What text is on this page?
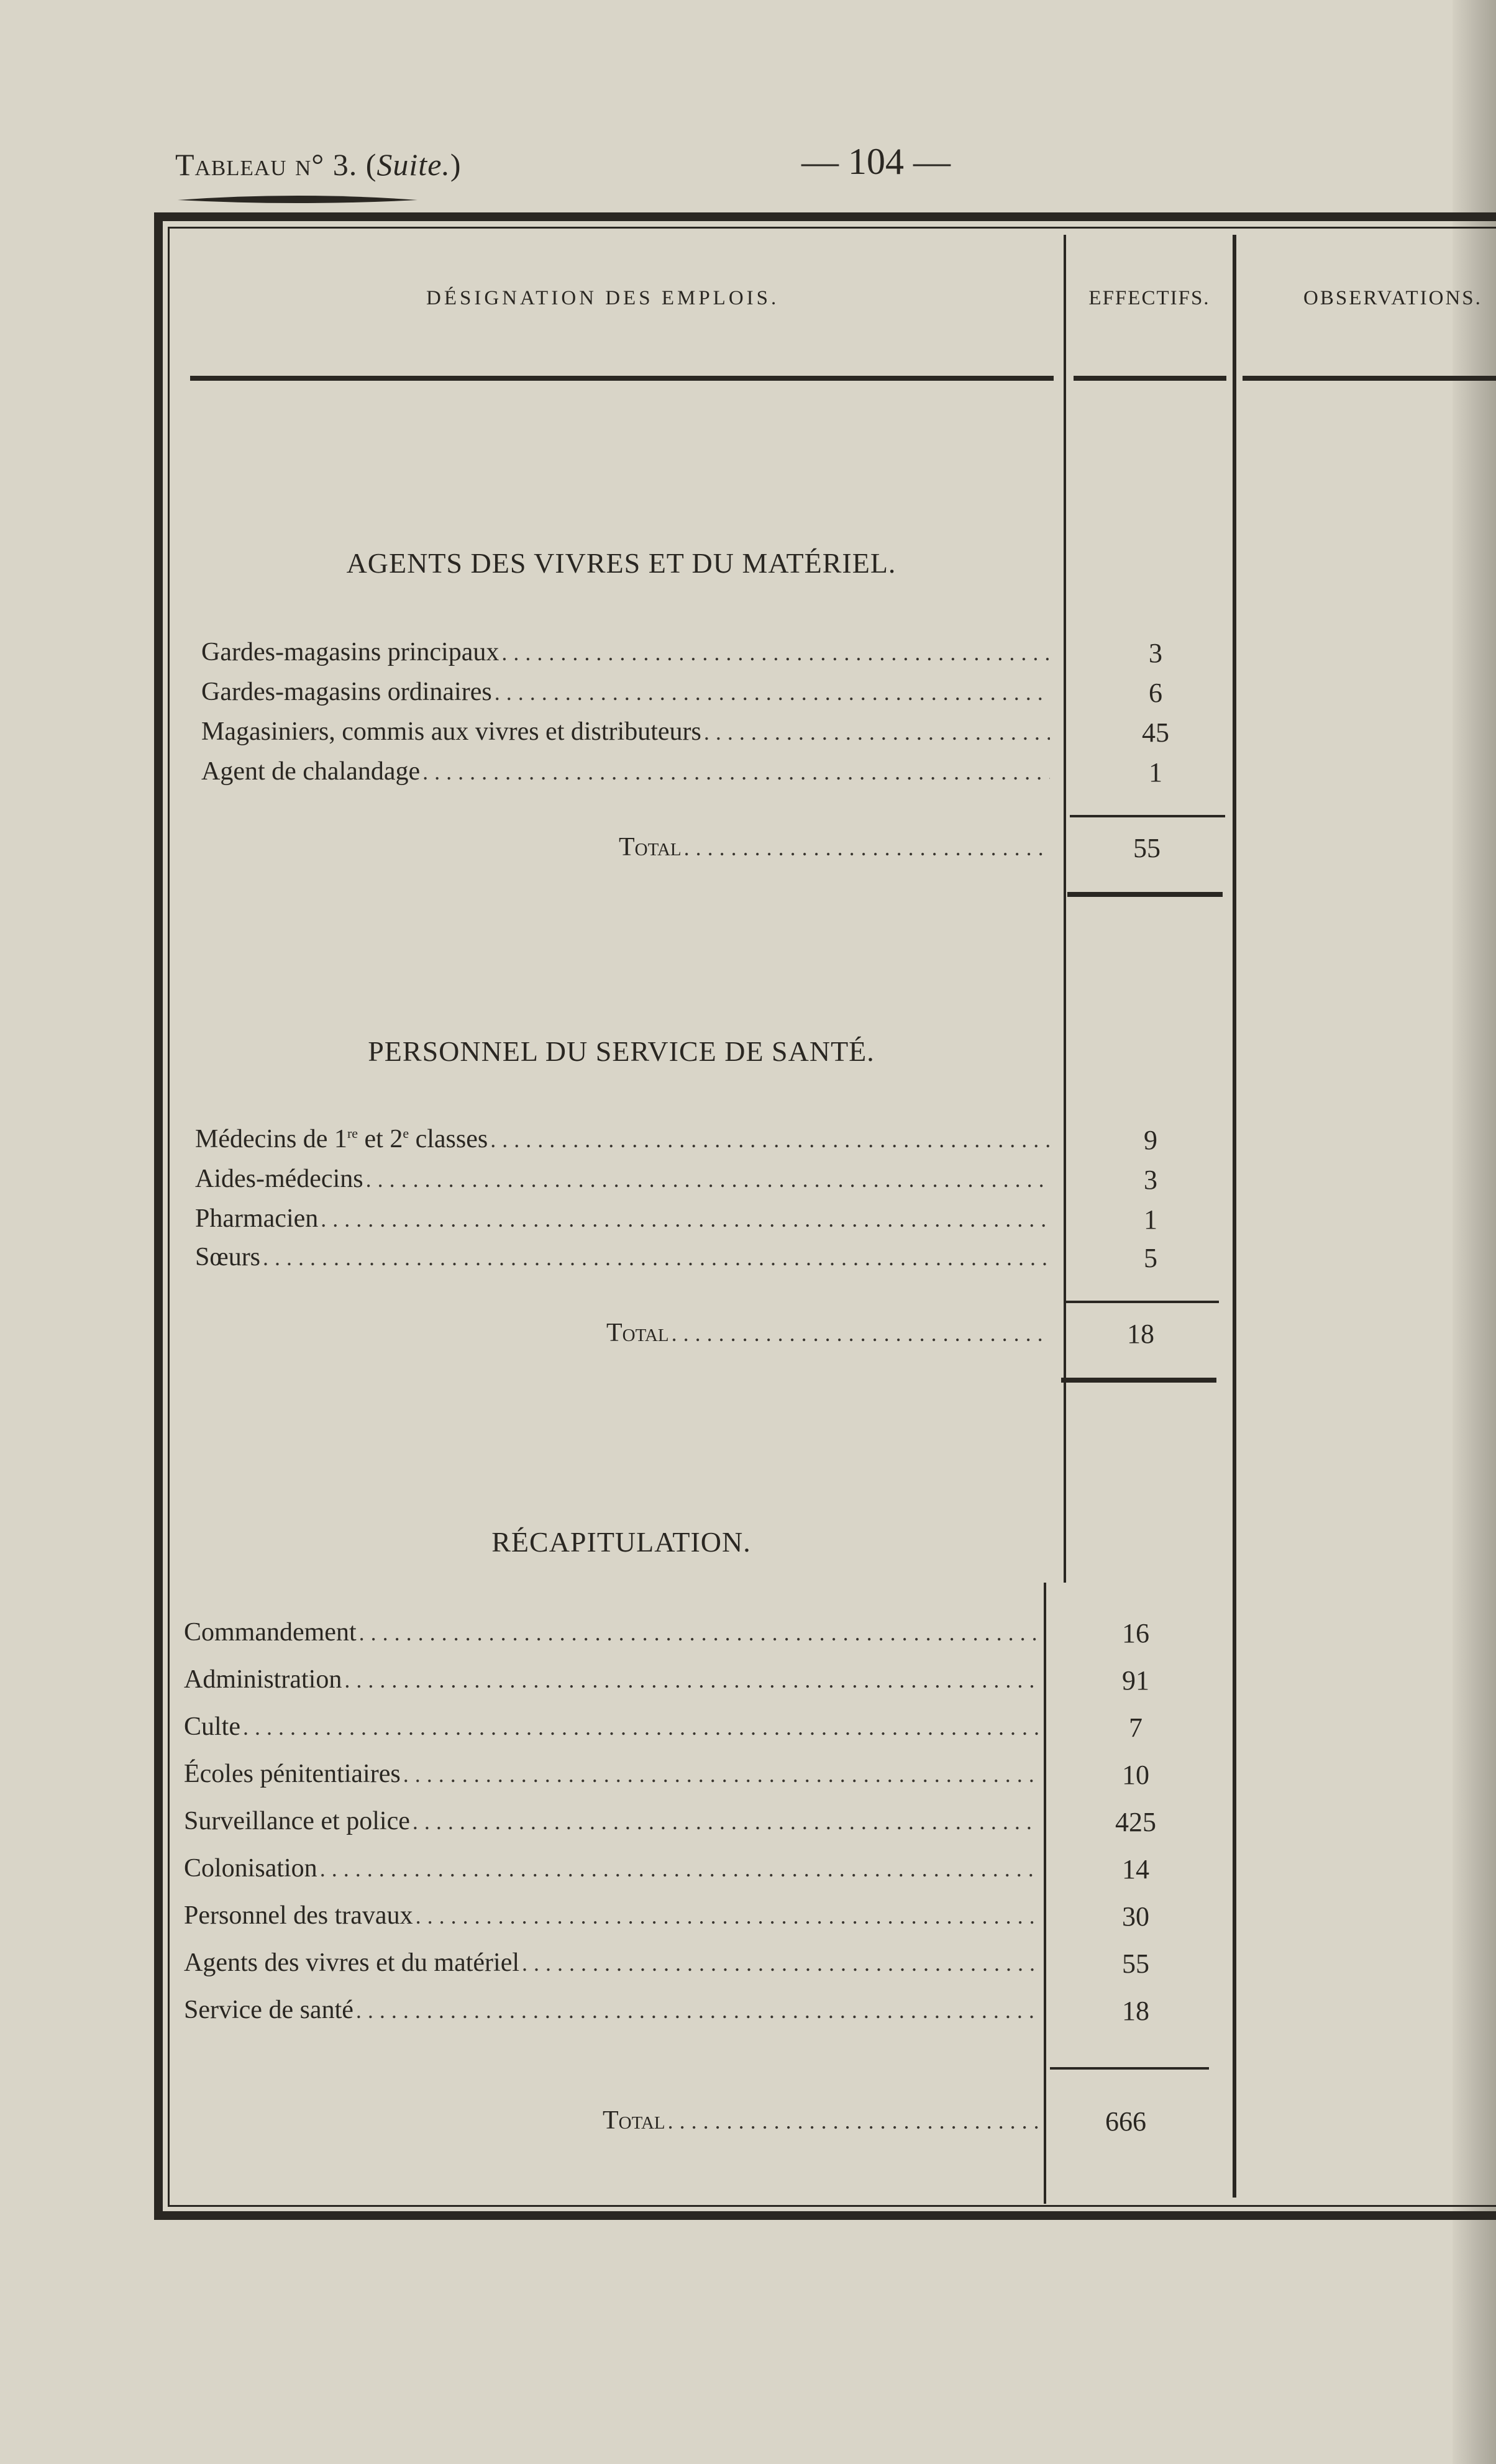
Tableau n° 3. (Suite.)	— 104 —
DÉSIGNATION DES EMPLOIS.	EFFECTIFS.	OBSERVATIONS.
AGENTS DES VIVRES ET DU MATÉRIEL.
Gardes-magasins principaux .....	3
Gardes-magasins ordinaires .....	6
Magasiniers, commis aux vivres et distributeurs .....	45
Agent de chalandage .....	1
Total .....	55
PERSONNEL DU SERVICE DE SANTÉ.
Médecins de 1re et 2e classes .....	9
Aides-médecins .....	3
Pharmacien .....	1
Sœurs .....	5
Total .....	18
RÉCAPITULATION.
Commandement .....	16
Administration .....	91
Culte .....	7
Écoles pénitentiaires .....	10
Surveillance et police .....	425
Colonisation .....	14
Personnel des travaux .....	30
Agents des vivres et du matériel .....	55
Service de santé .....	18
Total .....	666
